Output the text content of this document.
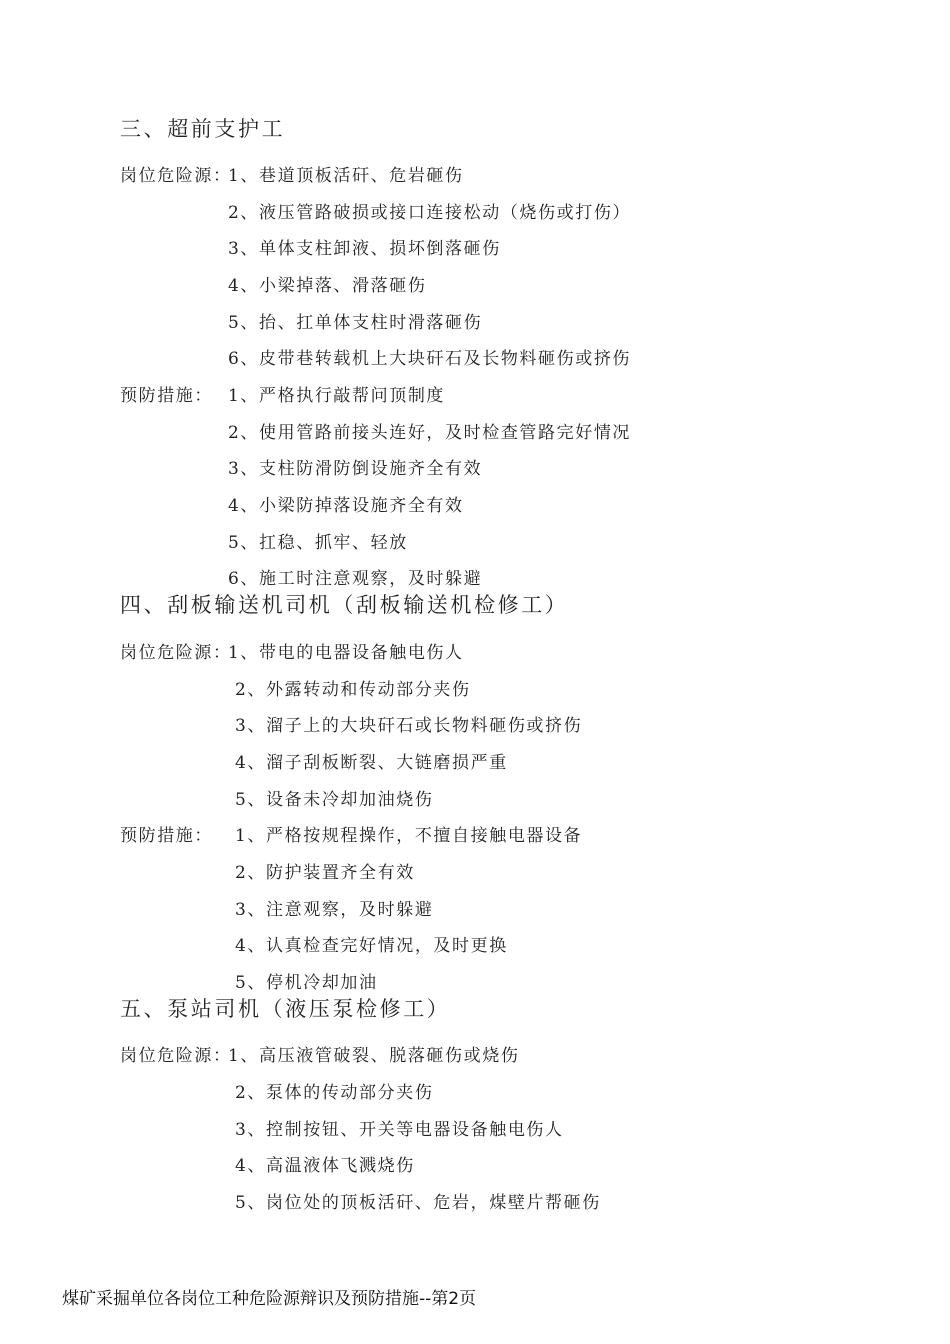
三、超前支护工
岗位危险源：
1、巷道顶板活矸、危岩砸伤
2、液压管路破损或接口连接松动（烧伤或打伤）
3、单体支柱卸液、损坏倒落砸伤
4、小梁掉落、滑落砸伤
5、抬、扛单体支柱时滑落砸伤
6、皮带巷转载机上大块矸石及长物料砸伤或挤伤
预防措施： 1、严格执行敲帮问顶制度
2、使用管路前接头连好，及时检查管路完好情况
3、支柱防滑防倒设施齐全有效
4、小梁防掉落设施齐全有效
5、扛稳、抓牢、轻放
6、施工时注意观察，及时躲避
四、刮板输送机司机（刮板输送机检修工）
岗位危险源：
1、带电的电器设备触电伤人
2、外露转动和传动部分夹伤
3、溜子上的大块矸石或长物料砸伤或挤伤
4、溜子刮板断裂、大链磨损严重
5、设备未冷却加油烧伤
预防措施： 1、严格按规程操作，不擅自接触电器设备
2、防护装置齐全有效
3、注意观察，及时躲避
4、认真检查完好情况，及时更换
5、停机冷却加油
五、泵站司机（液压泵检修工）
岗位危险源：
1、高压液管破裂、脱落砸伤或烧伤
2、泵体的传动部分夹伤
3、控制按钮、开关等电器设备触电伤人
4、高温液体飞溅烧伤
5、岗位处的顶板活矸、危岩，煤壁片帮砸伤
煤矿采掘单位各岗位工种危险源辩识及预防措施--第2页
